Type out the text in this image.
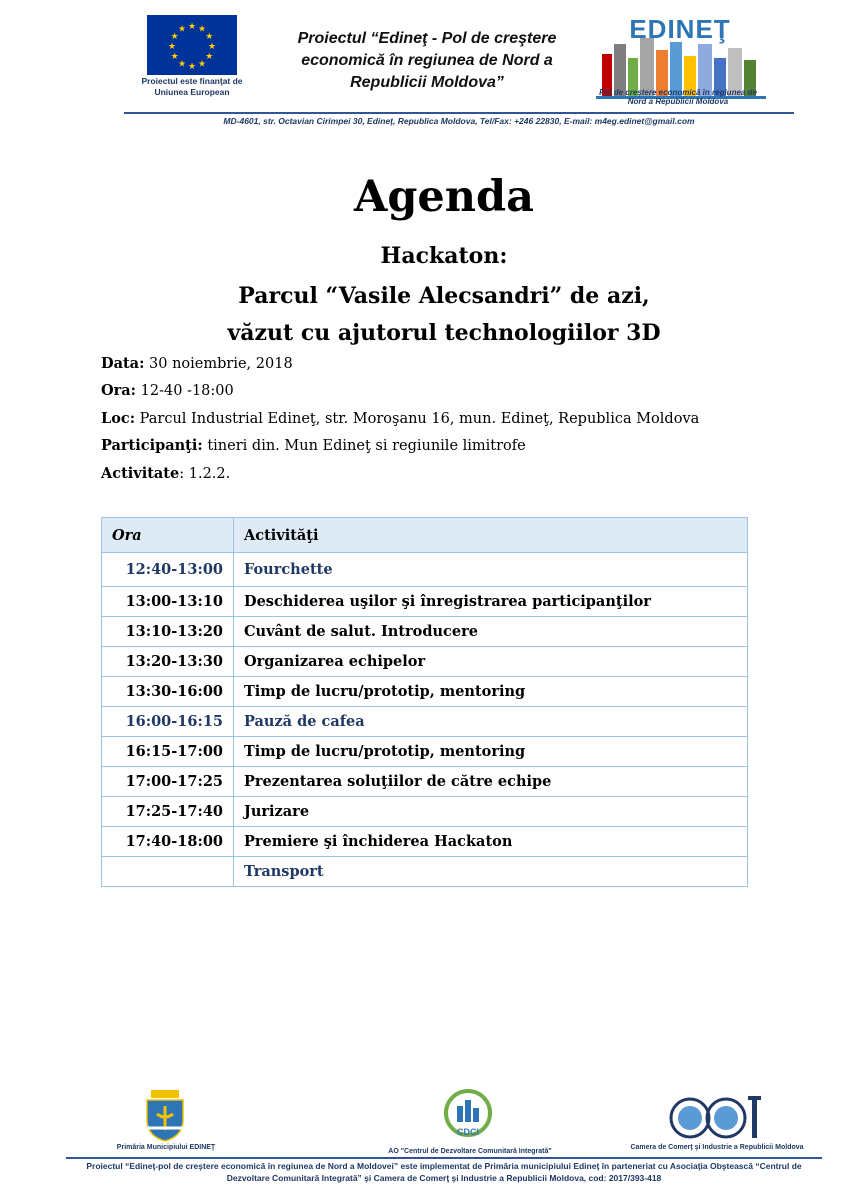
★ ★
★
★
★
★
★
★
★
★
★
★
Proiectul este finanţat de Uniunea European
Proiectul “Edineţ - Pol de creştere economică în regiunea de Nord a Republicii Moldova”
EDINEŢ
Pol de creştere economică în regiunea de Nord a Republicii Moldova
MD-4601, str. Octavian Cirimpei 30, Edineţ, Republica Moldova, Tel/Fax: +246 22830, E-mail: m4eg.edinet@gmail.com
Agenda
Hackaton:
Parcul “Vasile Alecsandri” de azi,
văzut cu ajutorul technologiilor 3D
Data: 30 noiembrie, 2018
Ora: 12-40 -18:00
Loc: Parcul Industrial Edineţ, str. Moroşanu 16, mun. Edineţ, Republica Moldova
Participanţi: tineri din. Mun Edineţ si regiunile limitrofe
Activitate: 1.2.2.
Ora	Activităţi
12:40-13:00	Fourchette
13:00-13:10	Deschiderea uşilor şi înregistrarea participanţilor
13:10-13:20	Cuvânt de salut. Introducere
13:20-13:30	Organizarea echipelor
13:30-16:00	Timp de lucru/prototip, mentoring
16:00-16:15	Pauză de cafea
16:15-17:00	Timp de lucru/prototip, mentoring
17:00-17:25	Prezentarea soluţiilor de către echipe
17:25-17:40	Jurizare
17:40-18:00	Premiere şi închiderea Hackaton
	Transport
Primăria Municipiului EDINEŢ
CDCI
AO "Centrul de Dezvoltare Comunitară Integrată"
Camera de Comerţ şi Industrie a Republicii Moldova
Proiectul “Edineţ-pol de creştere economică în regiunea de Nord a Moldovei” este implementat de Primăria municipiului Edineţ în parteneriat cu Asociaţia Obştească “Centrul de Dezvoltare Comunitară Integrată” şi Camera de Comerţ şi Industrie a Republicii Moldova, cod: 2017/393-418
